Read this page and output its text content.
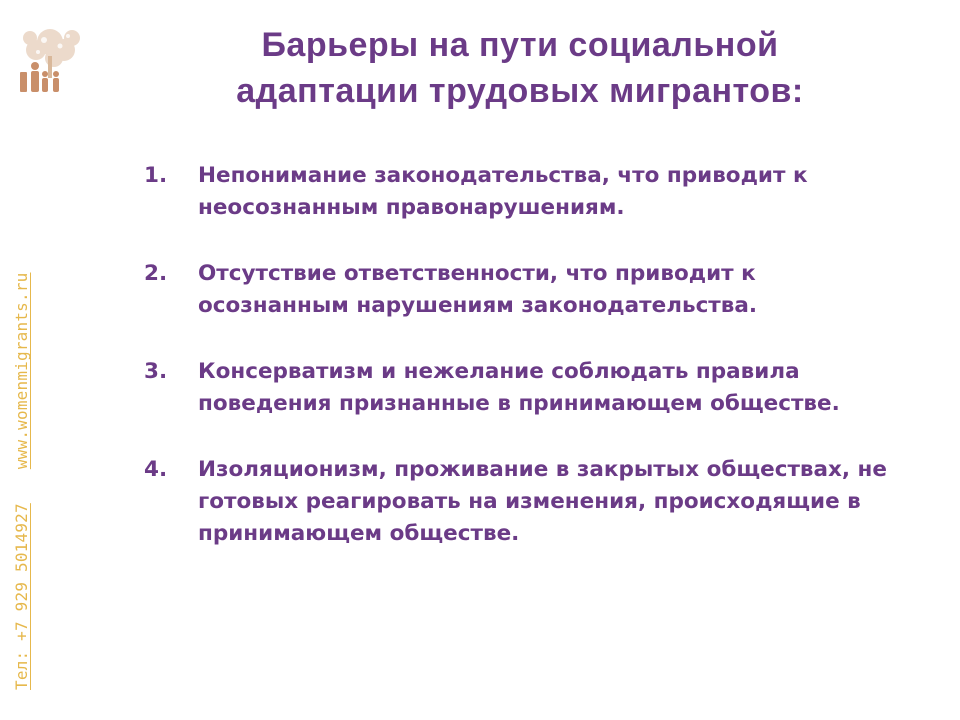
Тел: +7 929 5014927www.womenmigrants.ru
Барьеры на пути социальной
адаптации трудовых мигрантов:
1.	Непонимание законодательства, что приводит к неосознанным правонарушениям.
2.	Отсутствие ответственности, что приводит к осознанным нарушениям законодательства.
3.	Консерватизм и нежелание соблюдать правила поведения признанные в принимающем обществе.
4.	Изоляционизм, проживание в закрытых обществах, не готовых реагировать на изменения, происходящие в принимающем обществе.
